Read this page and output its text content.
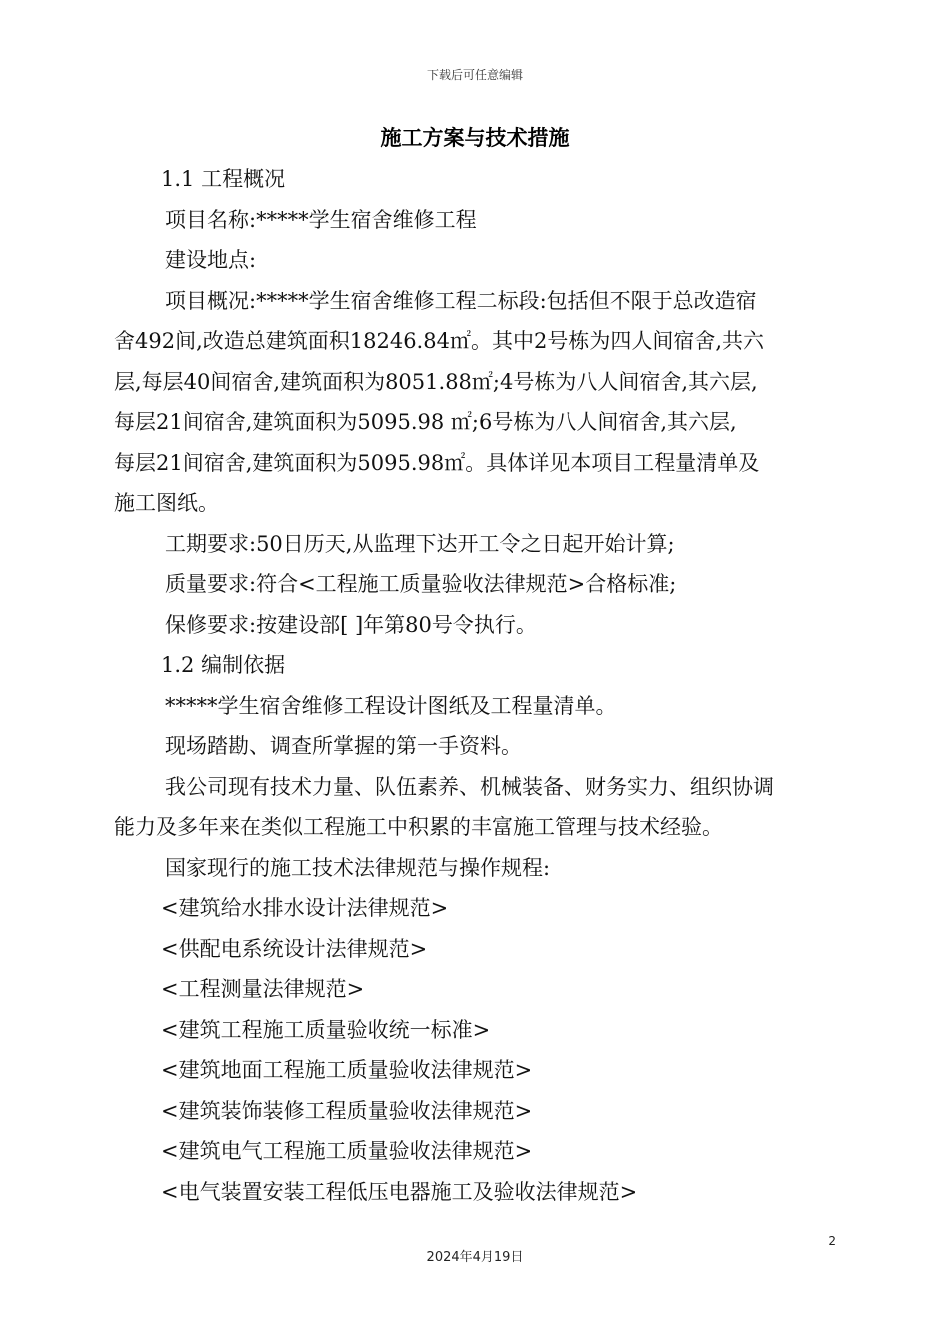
下载后可任意编辑
施工方案与技术措施
1.1 工程概况
项目名称:*****学生宿舍维修工程
建设地点:
项目概况:*****学生宿舍维修工程二标段:包括但不限于总改造宿
舍492间,改造总建筑面积18246.84㎡。其中2号栋为四人间宿舍,共六
层,每层40间宿舍,建筑面积为8051.88㎡;4号栋为八人间宿舍,其六层,
每层21间宿舍,建筑面积为5095.98 ㎡;6号栋为八人间宿舍,其六层,
每层21间宿舍,建筑面积为5095.98㎡。具体详见本项目工程量清单及
施工图纸。
工期要求:50日历天,从监理下达开工令之日起开始计算;
质量要求:符合<工程施工质量验收法律规范>合格标准;
保修要求:按建设部[ ]年第80号令执行。
1.2 编制依据
*****学生宿舍维修工程设计图纸及工程量清单。
现场踏勘、调查所掌握的第一手资料。
我公司现有技术力量、队伍素养、机械装备、财务实力、组织协调
能力及多年来在类似工程施工中积累的丰富施工管理与技术经验。
国家现行的施工技术法律规范与操作规程:
<建筑给水排水设计法律规范>
<供配电系统设计法律规范>
<工程测量法律规范>
<建筑工程施工质量验收统一标准>
<建筑地面工程施工质量验收法律规范>
<建筑装饰装修工程质量验收法律规范>
<建筑电气工程施工质量验收法律规范>
<电气装置安装工程低压电器施工及验收法律规范>
2
2024年4月19日
